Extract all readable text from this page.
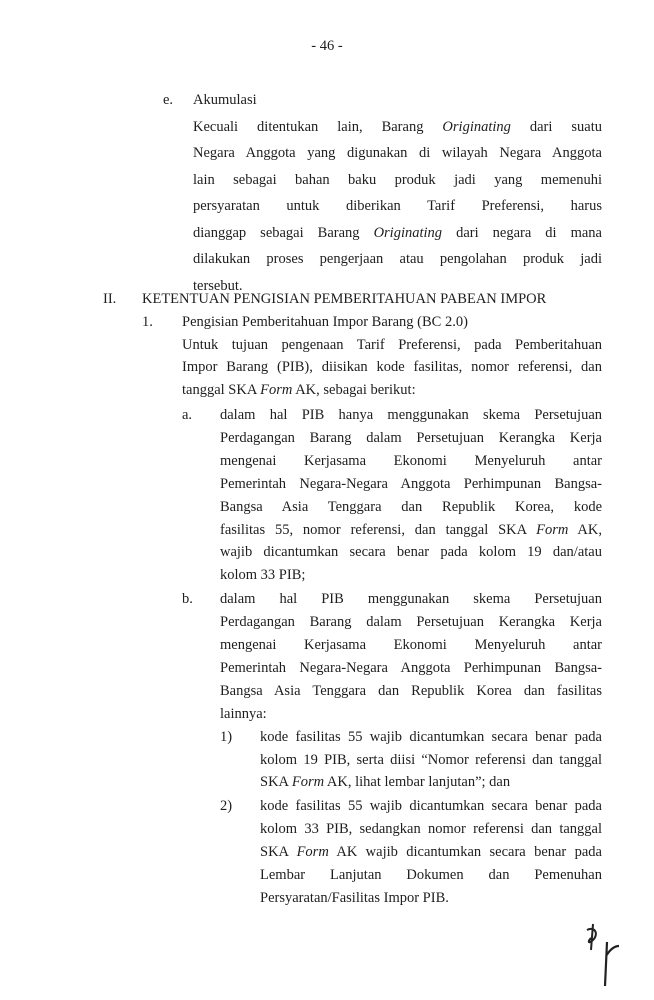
- 46 -
e. Akumulasi
Kecuali ditentukan lain, Barang Originating dari suatu
Negara Anggota yang digunakan di wilayah Negara Anggota
lain sebagai bahan baku produk jadi yang memenuhi
persyaratan untuk diberikan Tarif Preferensi, harus
dianggap sebagai Barang Originating dari negara di mana
dilakukan proses pengerjaan atau pengolahan produk jadi
tersebut.
II. KETENTUAN PENGISIAN PEMBERITAHUAN PABEAN IMPOR
1. Pengisian Pemberitahuan Impor Barang (BC 2.0)
Untuk tujuan pengenaan Tarif Preferensi, pada Pemberitahuan
Impor Barang (PIB), diisikan kode fasilitas, nomor referensi, dan
tanggal SKA Form AK, sebagai berikut:
a. dalam hal PIB hanya menggunakan skema Persetujuan
Perdagangan Barang dalam Persetujuan Kerangka Kerja
mengenai Kerjasama Ekonomi Menyeluruh antar
Pemerintah Negara-Negara Anggota Perhimpunan Bangsa-
Bangsa Asia Tenggara dan Republik Korea, kode
fasilitas 55, nomor referensi, dan tanggal SKA Form AK,
wajib dicantumkan secara benar pada kolom 19 dan/atau
kolom 33 PIB;
b. dalam hal PIB menggunakan skema Persetujuan
Perdagangan Barang dalam Persetujuan Kerangka Kerja
mengenai Kerjasama Ekonomi Menyeluruh antar
Pemerintah Negara-Negara Anggota Perhimpunan Bangsa-
Bangsa Asia Tenggara dan Republik Korea dan fasilitas
lainnya:
1) kode fasilitas 55 wajib dicantumkan secara benar pada
kolom 19 PIB, serta diisi “Nomor referensi dan tanggal
SKA Form AK, lihat lembar lanjutan”; dan
2) kode fasilitas 55 wajib dicantumkan secara benar pada
kolom 33 PIB, sedangkan nomor referensi dan tanggal
SKA Form AK wajib dicantumkan secara benar pada
Lembar Lanjutan Dokumen dan Pemenuhan
Persyaratan/Fasilitas Impor PIB.
